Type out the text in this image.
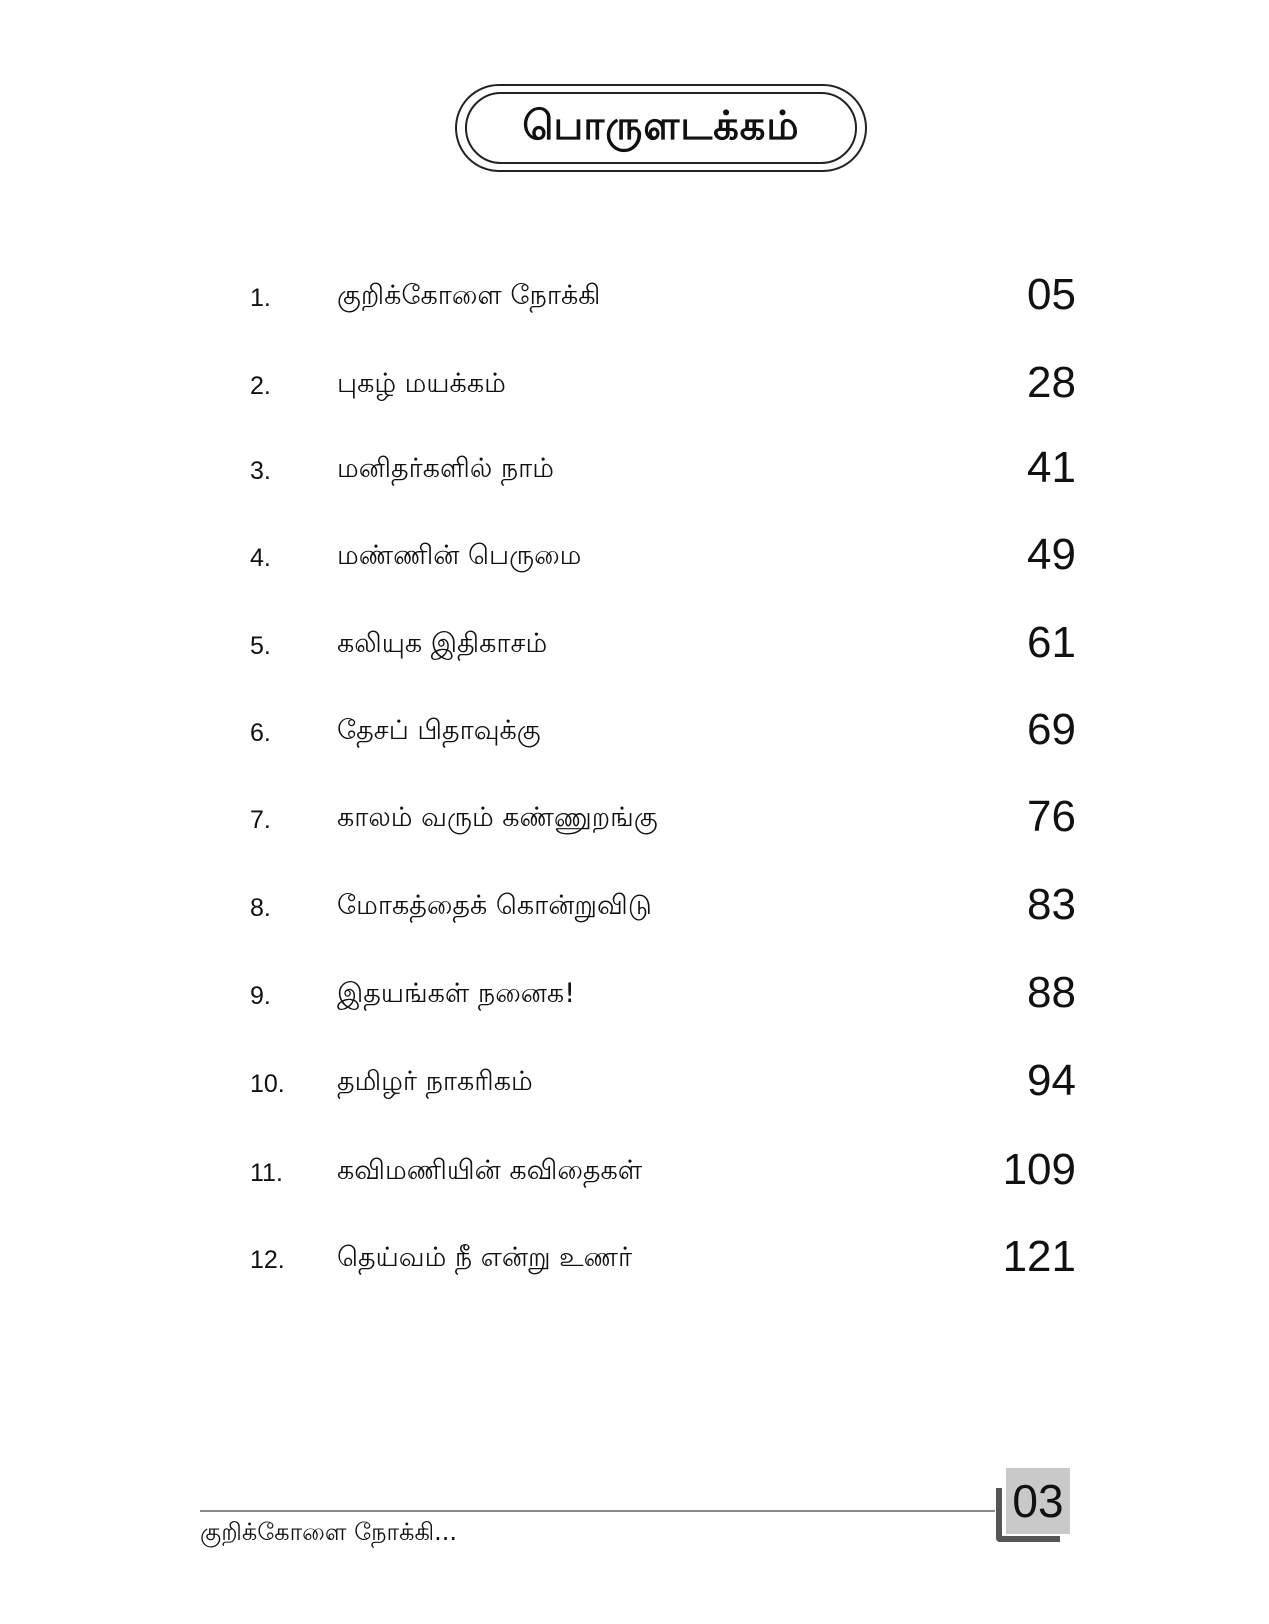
பொருளடக்கம்
1. குறிக்கோளை நோக்கி	05
2. புகழ் மயக்கம்	28
3. மனிதர்களில் நாம்	41
4. மண்ணின் பெருமை	49
5. கலியுக இதிகாசம்	61
6. தேசப் பிதாவுக்கு	69
7. காலம் வரும் கண்ணுறங்கு	76
8. மோகத்தைக் கொன்றுவிடு	83
9. இதயங்கள் நனைக!	88
10. தமிழர் நாகரிகம்	94
11. கவிமணியின் கவிதைகள்	109
12. தெய்வம் நீ என்று உணர்	121
குறிக்கோளை நோக்கி...
03
